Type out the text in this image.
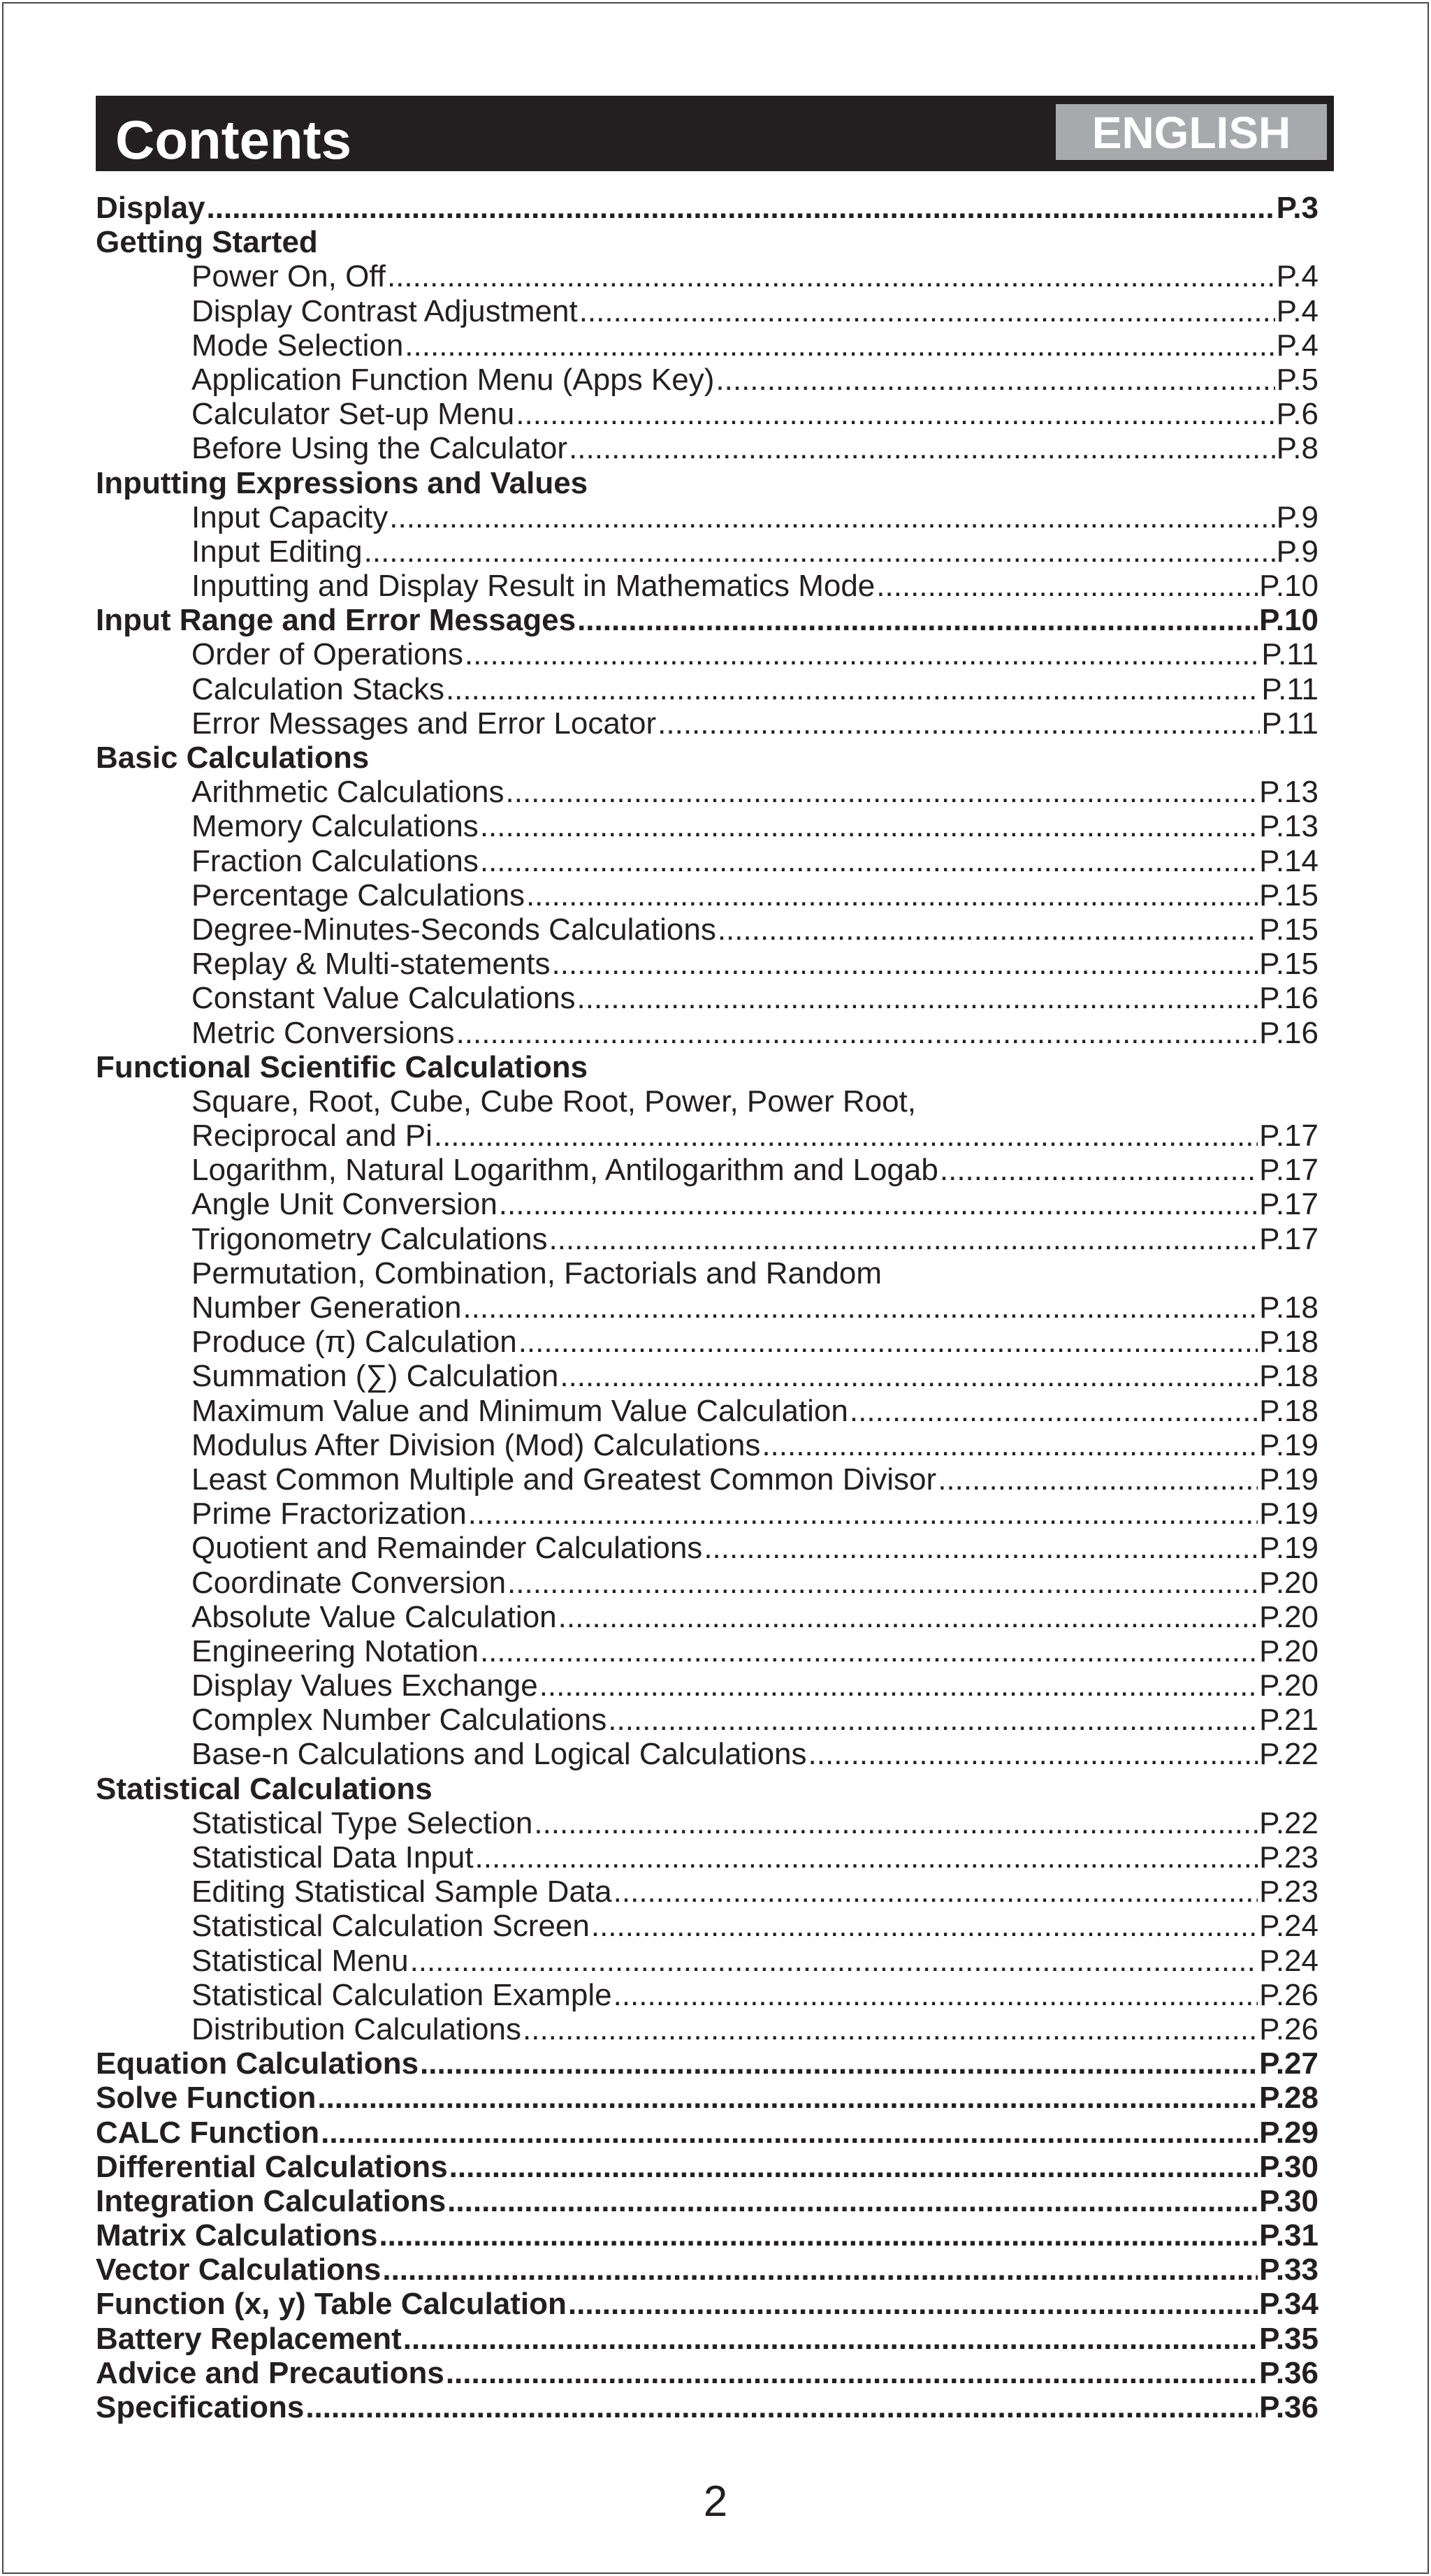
Contents	ENGLISH
Display .....	P.3
Getting Started
Power On, Off .....	P.4
Display Contrast Adjustment .....	P.4
Mode Selection .....	P.4
Application Function Menu (Apps Key) .....	P.5
Calculator Set-up Menu .....	P.6
Before Using the Calculator .....	P.8
Inputting Expressions and Values
Input Capacity .....	P.9
Input Editing .....	P.9
Inputting and Display Result in Mathematics Mode .....	P.10
Input Range and Error Messages .....	P.10
Order of Operations .....	P.11
Calculation Stacks .....	P.11
Error Messages and Error Locator .....	P.11
Basic Calculations
Arithmetic Calculations .....	P.13
Memory Calculations .....	P.13
Fraction Calculations .....	P.14
Percentage Calculations .....	P.15
Degree-Minutes-Seconds Calculations .....	P.15
Replay & Multi-statements .....	P.15
Constant Value Calculations .....	P.16
Metric Conversions .....	P.16
Functional Scientific Calculations
Square, Root, Cube, Cube Root, Power, Power Root,
Reciprocal and Pi .....	P.17
Logarithm, Natural Logarithm, Antilogarithm and Log a b .....	P.17
Angle Unit Conversion .....	P.17
Trigonometry Calculations .....	P.17
Permutation, Combination, Factorials and Random
Number Generation .....	P.18
Produce (π) Calculation .....	P.18
Summation (∑) Calculation .....	P.18
Maximum Value and Minimum Value Calculation .....	P.18
Modulus After Division (Mod) Calculations .....	P.19
Least Common Multiple and Greatest Common Divisor .....	P.19
Prime Fractorization .....	P.19
Quotient and Remainder Calculations .....	P.19
Coordinate Conversion .....	P.20
Absolute Value Calculation .....	P.20
Engineering Notation .....	P.20
Display Values Exchange .....	P.20
Complex Number Calculations .....	P.21
Base-n Calculations and Logical Calculations .....	P.22
Statistical Calculations
Statistical Type Selection .....	P.22
Statistical Data Input .....	P.23
Editing Statistical Sample Data .....	P.23
Statistical Calculation Screen .....	P.24
Statistical Menu .....	P.24
Statistical Calculation Example .....	P.26
Distribution Calculations .....	P.26
Equation Calculations .....	P.27
Solve Function .....	P.28
CALC Function .....	P.29
Differential Calculations .....	P.30
Integration Calculations .....	P.30
Matrix Calculations .....	P.31
Vector Calculations .....	P.33
Function (x, y) Table Calculation .....	P.34
Battery Replacement .....	P.35
Advice and Precautions .....	P.36
Specifications .....	P.36
2
